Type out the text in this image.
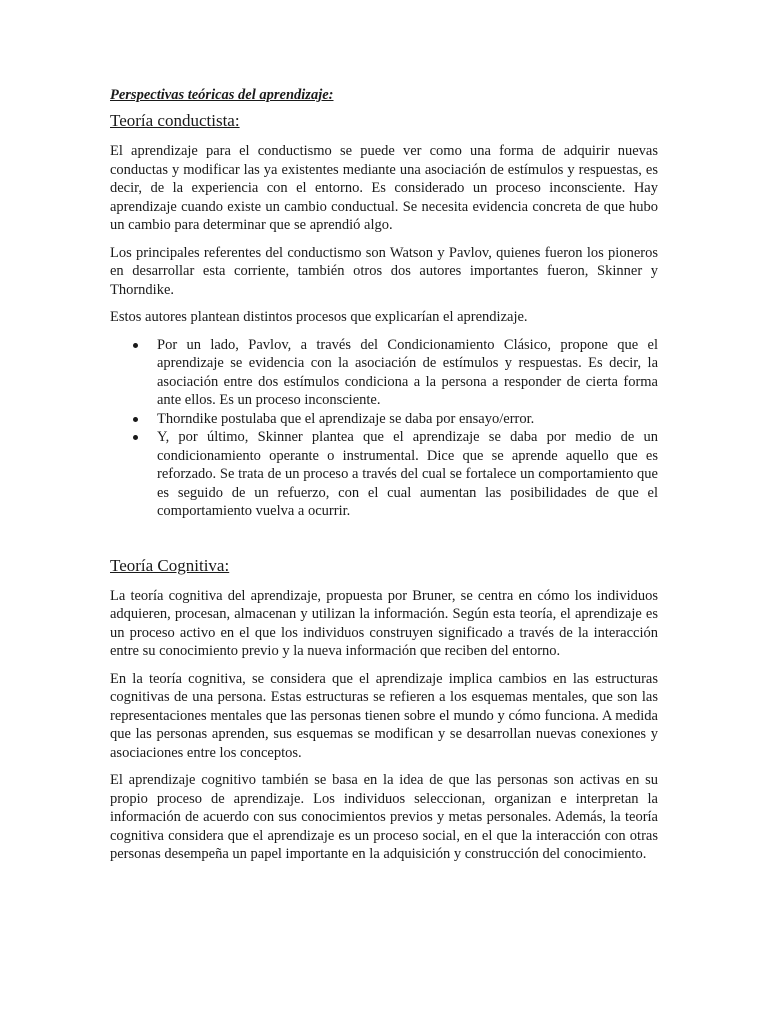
Perspectivas teóricas del aprendizaje:

Teoría conductista:

El aprendizaje para el conductismo se puede ver como una forma de adquirir nuevas conductas y modificar las ya existentes mediante una asociación de estímulos y respuestas, es decir, de la experiencia con el entorno. Es considerado un proceso inconsciente. Hay aprendizaje cuando existe un cambio conductual. Se necesita evidencia concreta de que hubo un cambio para determinar que se aprendió algo.

Los principales referentes del conductismo son Watson y Pavlov, quienes fueron los pioneros en desarrollar esta corriente, también otros dos autores importantes fueron, Skinner y Thorndike.

Estos autores plantean distintos procesos que explicarían el aprendizaje.

Por un lado, Pavlov, a través del Condicionamiento Clásico, propone que el aprendizaje se evidencia con la asociación de estímulos y respuestas. Es decir, la asociación entre dos estímulos condiciona a la persona a responder de cierta forma ante ellos. Es un proceso inconsciente.
Thorndike postulaba que el aprendizaje se daba por ensayo/error.
Y, por último, Skinner plantea que el aprendizaje se daba por medio de un condicionamiento operante o instrumental. Dice que se aprende aquello que es reforzado. Se trata de un proceso a través del cual se fortalece un comportamiento que es seguido de un refuerzo, con el cual aumentan las posibilidades de que el comportamiento vuelva a ocurrir.
Teoría Cognitiva:

La teoría cognitiva del aprendizaje, propuesta por Bruner, se centra en cómo los individuos adquieren, procesan, almacenan y utilizan la información. Según esta teoría, el aprendizaje es un proceso activo en el que los individuos construyen significado a través de la interacción entre su conocimiento previo y la nueva información que reciben del entorno.

En la teoría cognitiva, se considera que el aprendizaje implica cambios en las estructuras cognitivas de una persona. Estas estructuras se refieren a los esquemas mentales, que son las representaciones mentales que las personas tienen sobre el mundo y cómo funciona. A medida que las personas aprenden, sus esquemas se modifican y se desarrollan nuevas conexiones y asociaciones entre los conceptos.

El aprendizaje cognitivo también se basa en la idea de que las personas son activas en su propio proceso de aprendizaje. Los individuos seleccionan, organizan e interpretan la información de acuerdo con sus conocimientos previos y metas personales. Además, la teoría cognitiva considera que el aprendizaje es un proceso social, en el que la interacción con otras personas desempeña un papel importante en la adquisición y construcción del conocimiento.
